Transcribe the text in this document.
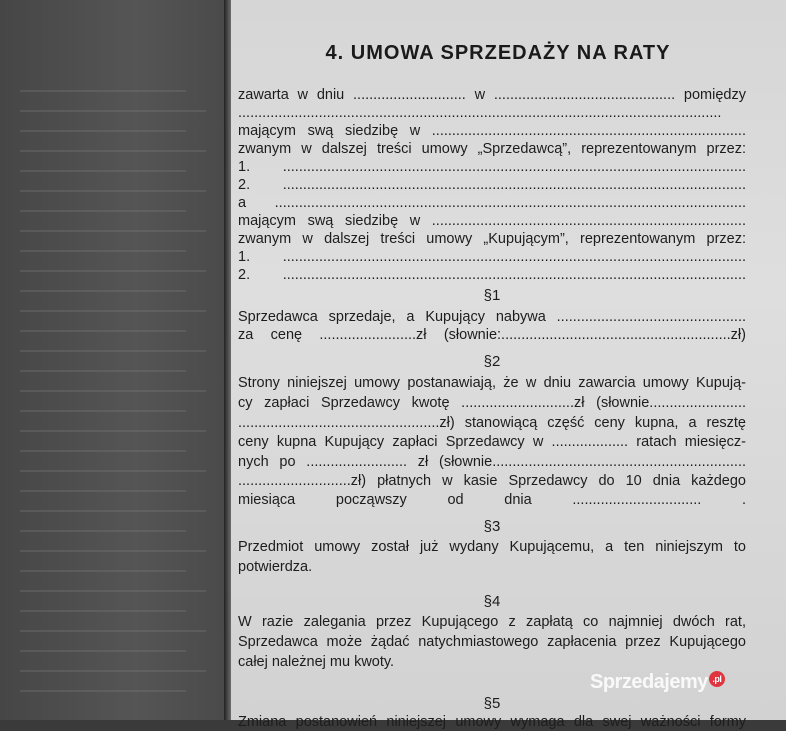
4. UMOWA SPRZEDAŻY NA RATY
zawarta w dniu ............................ w ............................................. pomiędzy
........................................................................................................................
mającym swą siedzibę w ..............................................................................
zwanym w dalszej treści umowy „Sprzedawcą”, reprezentowanym przez:
1. ...................................................................................................................
2. ...................................................................................................................
a .....................................................................................................................
mającym swą siedzibę w ..............................................................................
zwanym w dalszej treści umowy „Kupującym”, reprezentowanym przez:
1. ...................................................................................................................
2. ...................................................................................................................
§1
Sprzedawca sprzedaje, a Kupujący nabywa ...............................................
za cenę ........................zł (słownie:.........................................................zł)
§2
Strony niniejszej umowy postanawiają, że w dniu zawarcia umowy Kupują-
cy zapłaci Sprzedawcy kwotę ............................zł (słownie........................
..................................................zł) stanowiącą część ceny kupna, a resztę
ceny kupna Kupujący zapłaci Sprzedawcy w ................... ratach miesięcz-
nych po ......................... zł (słownie...............................................................
............................zł) płatnych w kasie Sprzedawcy do 10 dnia każdego
miesiąca począwszy od dnia ................................ .
§3
Przedmiot umowy został już wydany Kupującemu, a ten niniejszym to
potwierdza.
§4
W razie zalegania przez Kupującego z zapłatą co najmniej dwóch rat,
Sprzedawca może żądać natychmiastowego zapłacenia przez Kupującego
całej należnej mu kwoty.
§5
Zmiana postanowień niniejszej umowy wymaga dla swej ważności formy
Sprzedajemy $^{.pl}$
